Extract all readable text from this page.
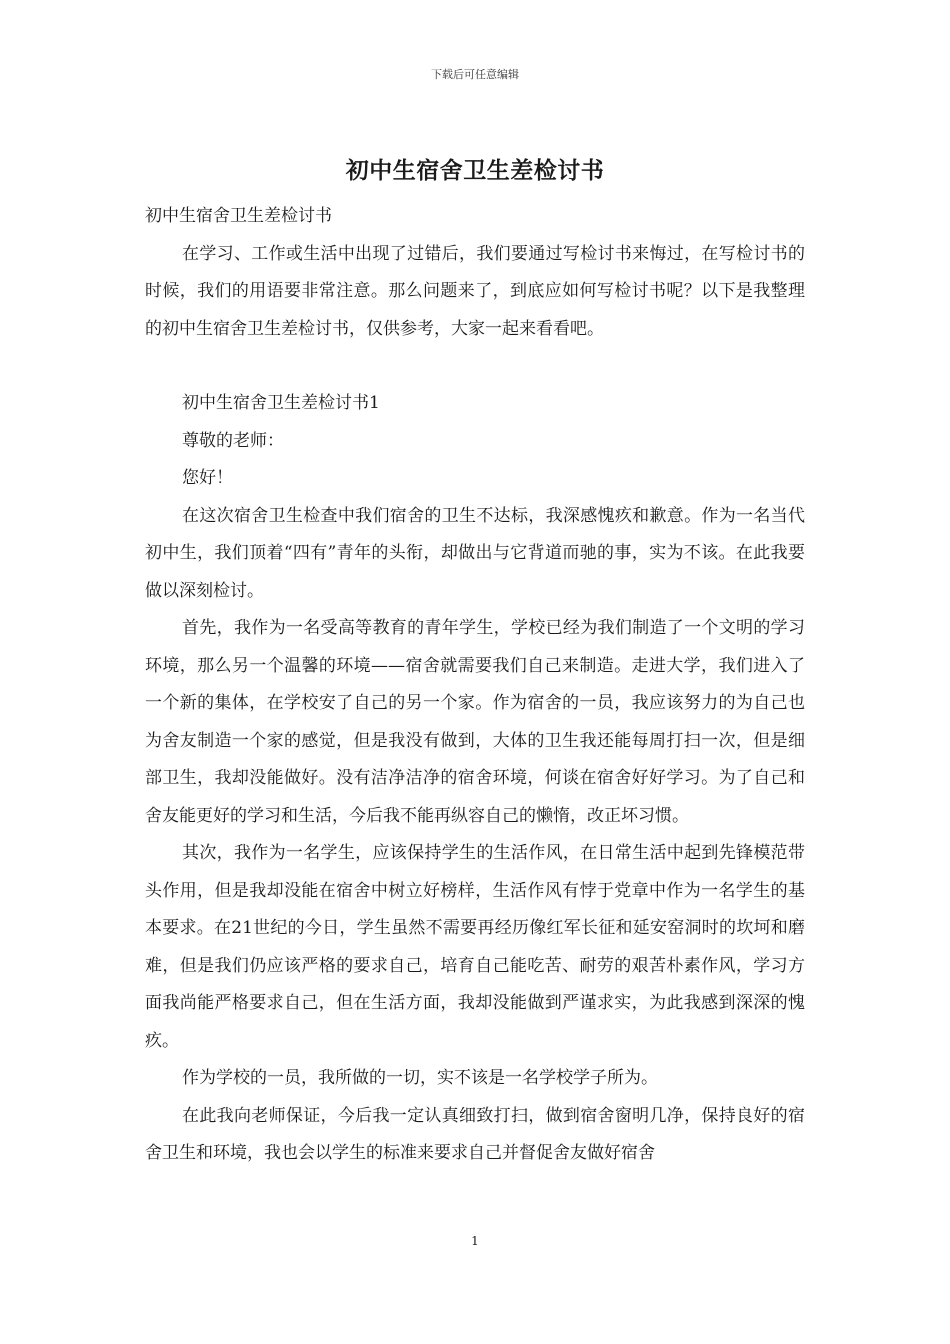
下载后可任意编辑
初中生宿舍卫生差检讨书

初中生宿舍卫生差检讨书

在学习、工作或生活中出现了过错后，我们要通过写检讨书来悔过，在写检讨书的时候，我们的用语要非常注意。那么问题来了，到底应如何写检讨书呢？以下是我整理的初中生宿舍卫生差检讨书，仅供参考，大家一起来看看吧。

初中生宿舍卫生差检讨书1

尊敬的老师：

您好！

在这次宿舍卫生检查中我们宿舍的卫生不达标，我深感愧疚和歉意。作为一名当代初中生，我们顶着“四有”青年的头衔，却做出与它背道而驰的事，实为不该。在此我要做以深刻检讨。

首先，我作为一名受高等教育的青年学生，学校已经为我们制造了一个文明的学习环境，那么另一个温馨的环境——宿舍就需要我们自己来制造。走进大学，我们进入了一个新的集体，在学校安了自己的另一个家。作为宿舍的一员，我应该努力的为自己也为舍友制造一个家的感觉，但是我没有做到，大体的卫生我还能每周打扫一次，但是细部卫生，我却没能做好。没有洁净洁净的宿舍环境，何谈在宿舍好好学习。为了自己和舍友能更好的学习和生活，今后我不能再纵容自己的懒惰，改正坏习惯。

其次，我作为一名学生，应该保持学生的生活作风，在日常生活中起到先锋模范带头作用，但是我却没能在宿舍中树立好榜样，生活作风有悖于党章中作为一名学生的基本要求。在21世纪的今日，学生虽然不需要再经历像红军长征和延安窑洞时的坎坷和磨难，但是我们仍应该严格的要求自己，培育自己能吃苦、耐劳的艰苦朴素作风，学习方面我尚能严格要求自己，但在生活方面，我却没能做到严谨求实，为此我感到深深的愧疚。

作为学校的一员，我所做的一切，实不该是一名学校学子所为。

在此我向老师保证，今后我一定认真细致打扫，做到宿舍窗明几净，保持良好的宿舍卫生和环境，我也会以学生的标准来要求自己并督促舍友做好宿舍

1
